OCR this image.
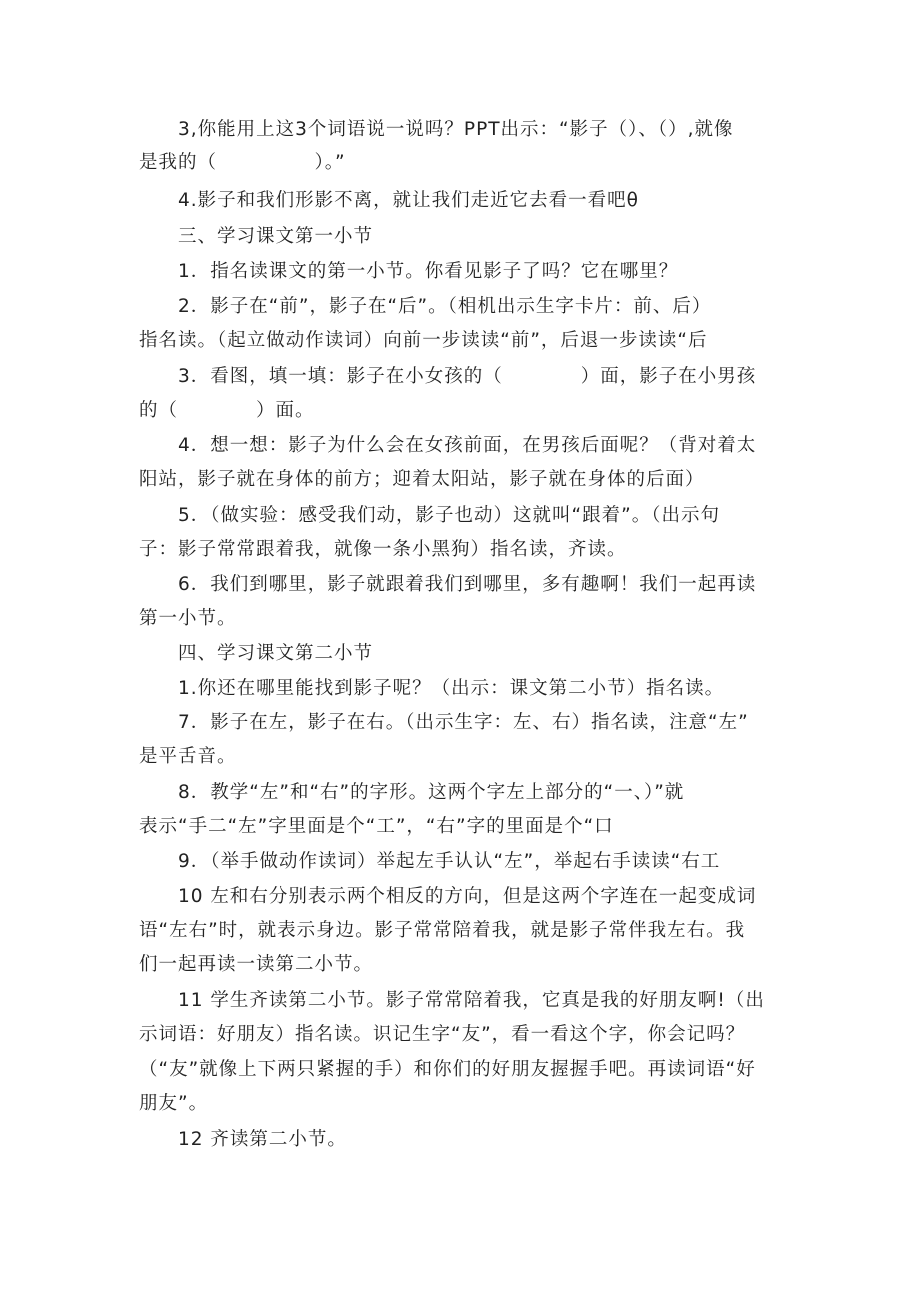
3,你能用上这3个词语说一说吗？PPT出示：“影子（）、（）,就像
是我的（　　　　　）。”
4.影子和我们形影不离，就让我们走近它去看一看吧θ
三、学习课文第一小节
1．指名读课文的第一小节。你看见影子了吗？它在哪里？
2．影子在“前”，影子在“后”。（相机出示生字卡片：前、后）
指名读。（起立做动作读词）向前一步读读“前”，后退一步读读“后
3．看图，填一填：影子在小女孩的（　　　　）面，影子在小男孩
的（　　　　）面。
4．想一想：影子为什么会在女孩前面，在男孩后面呢？（背对着太
阳站，影子就在身体的前方；迎着太阳站，影子就在身体的后面）
5．（做实验：感受我们动，影子也动）这就叫“跟着”。（出示句
子：影子常常跟着我，就像一条小黑狗）指名读，齐读。
6．我们到哪里，影子就跟着我们到哪里，多有趣啊！我们一起再读
第一小节。
四、学习课文第二小节
1.你还在哪里能找到影子呢？（出示：课文第二小节）指名读。
7．影子在左，影子在右。（出示生字：左、右）指名读，注意“左”
是平舌音。
8．教学“左”和“右”的字形。这两个字左上部分的“一、）”就
表示“手二“左”字里面是个“工”，“右”字的里面是个“口
9．（举手做动作读词）举起左手认认“左”，举起右手读读“右工
10 左和右分别表示两个相反的方向，但是这两个字连在一起变成词
语“左右”时，就表示身边。影子常常陪着我，就是影子常伴我左右。我
们一起再读一读第二小节。
11 学生齐读第二小节。影子常常陪着我，它真是我的好朋友啊!（出
示词语：好朋友）指名读。识记生字“友”，看一看这个字，你会记吗？
（“友”就像上下两只紧握的手）和你们的好朋友握握手吧。再读词语“好
朋友”。
12 齐读第二小节。
